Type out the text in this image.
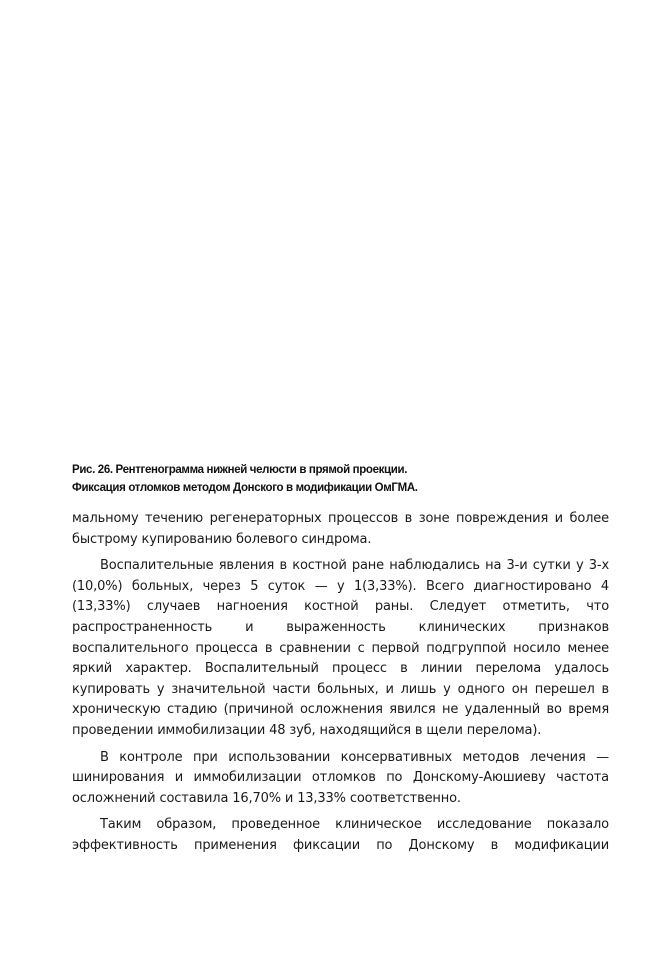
Рис. 26. Рентгенограмма нижней челюсти в прямой проекции.
Фиксация отломков методом Донского в модификации ОмГМА.

мальному течению регенераторных процессов в зоне повреждения и более быстрому купированию болевого синдрома.

Воспалительные явления в костной ране наблюдались на 3-и сутки у 3-х (10,0%) больных, через 5 суток — у 1(3,33%). Всего диагностировано 4 (13,33%) случаев нагноения костной раны. Следует отметить, что распространенность и выраженность клинических признаков воспалительного процесса в сравнении с первой подгруппой носило менее яркий характер. Воспалительный процесс в линии перелома удалось купировать у значительной части больных, и лишь у одного он перешел в хроническую стадию (причиной осложнения явился не удаленный во время проведении иммобилизации 48 зуб, находящийся в щели перелома).

В контроле при использовании консервативных методов лечения — шинирования и иммобилизации отломков по Донскому-Аюшиеву частота осложнений составила 16,70% и 13,33% соответственно.

Таким образом, проведенное клиническое исследование показало эффективность применения фиксации по Донскому в модификации
